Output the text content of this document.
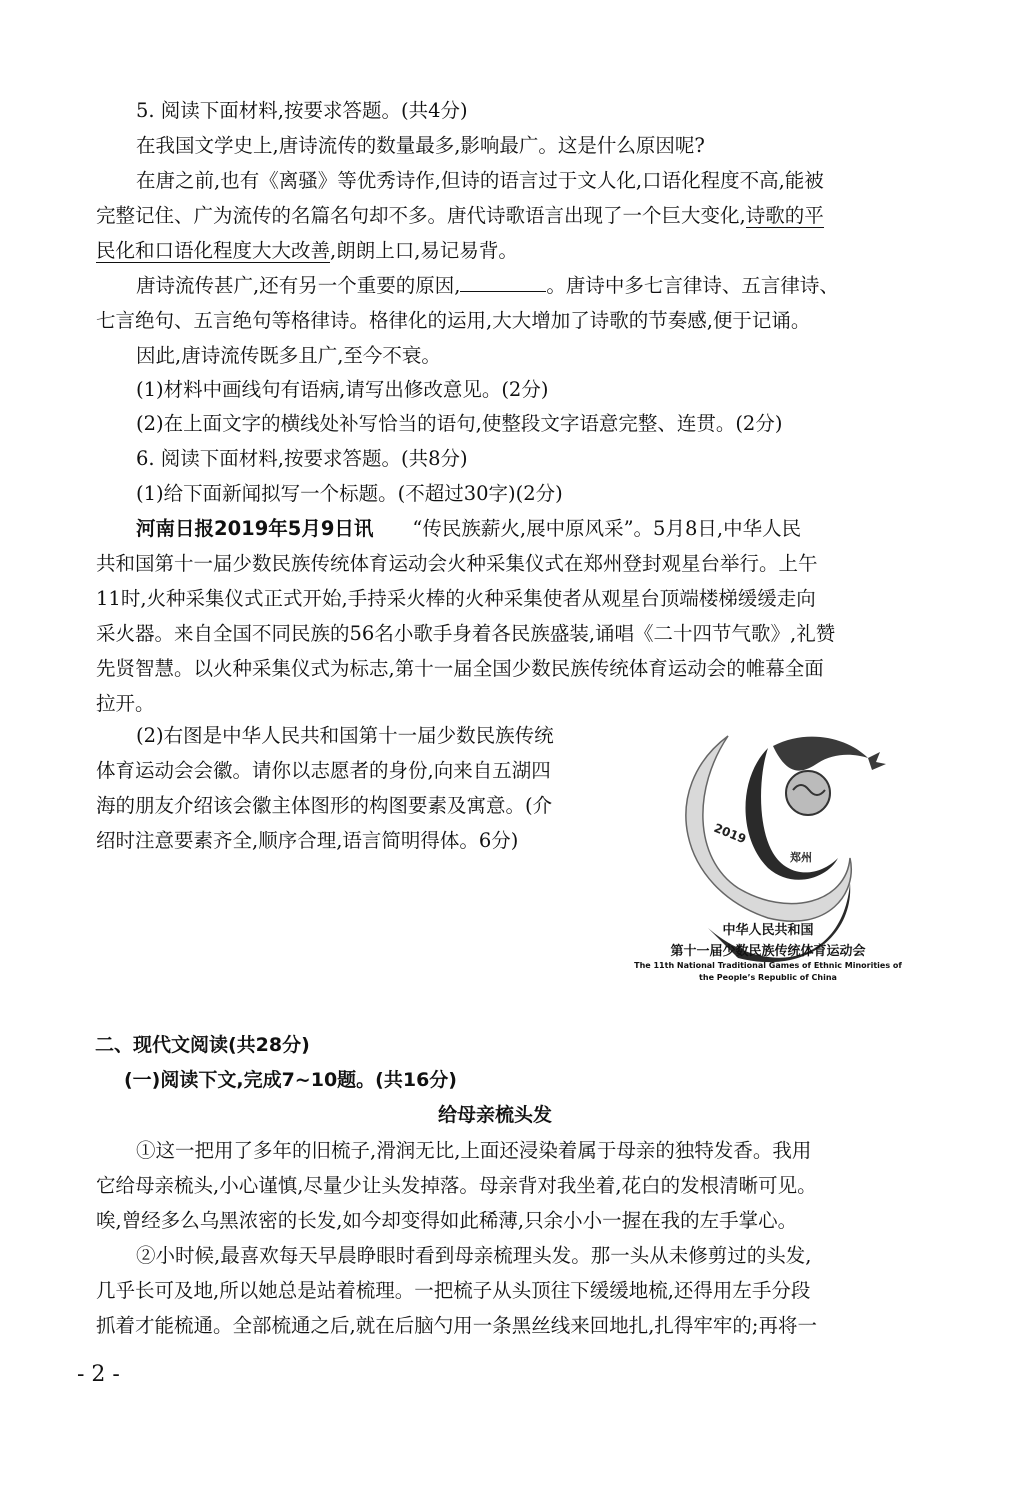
5. 阅读下面材料,按要求答题。(共4分)
在我国文学史上,唐诗流传的数量最多,影响最广。这是什么原因呢?
在唐之前,也有《离骚》等优秀诗作,但诗的语言过于文人化,口语化程度不高,能被
完整记住、广为流传的名篇名句却不多。唐代诗歌语言出现了一个巨大变化,诗歌的平
民化和口语化程度大大改善,朗朗上口,易记易背。
唐诗流传甚广,还有另一个重要的原因,	。唐诗中多七言律诗、五言律诗、
七言绝句、五言绝句等格律诗。格律化的运用,大大增加了诗歌的节奏感,便于记诵。
因此,唐诗流传既多且广,至今不衰。
(1)材料中画线句有语病,请写出修改意见。(2分)
(2)在上面文字的横线处补写恰当的语句,使整段文字语意完整、连贯。(2分)
6. 阅读下面材料,按要求答题。(共8分)
(1)给下面新闻拟写一个标题。(不超过30字)(2分)
河南日报2019年5月9日讯　　“传民族薪火,展中原风采”。5月8日,中华人民
共和国第十一届少数民族传统体育运动会火种采集仪式在郑州登封观星台举行。上午
11时,火种采集仪式正式开始,手持采火棒的火种采集使者从观星台顶端楼梯缓缓走向
采火器。来自全国不同民族的56名小歌手身着各民族盛装,诵唱《二十四节气歌》,礼赞
先贤智慧。以火种采集仪式为标志,第十一届全国少数民族传统体育运动会的帷幕全面
拉开。
(2)右图是中华人民共和国第十一届少数民族传统
体育运动会会徽。请你以志愿者的身份,向来自五湖四
海的朋友介绍该会徽主体图形的构图要素及寓意。(介
绍时注意要素齐全,顺序合理,语言简明得体。6分)	2019
郑州
中华人民共和国
第十一届少数民族传统体育运动会
The 11th National Traditional Games of Ethnic Minorities of
the People’s Republic of China
二、现代文阅读(共28分)
(一)阅读下文,完成7~10题。(共16分)
给母亲梳头发
①这一把用了多年的旧梳子,滑润无比,上面还浸染着属于母亲的独特发香。我用
它给母亲梳头,小心谨慎,尽量少让头发掉落。母亲背对我坐着,花白的发根清晰可见。
唉,曾经多么乌黑浓密的长发,如今却变得如此稀薄,只余小小一握在我的左手掌心。
②小时候,最喜欢每天早晨睁眼时看到母亲梳理头发。那一头从未修剪过的头发,
几乎长可及地,所以她总是站着梳理。一把梳子从头顶往下缓缓地梳,还得用左手分段
抓着才能梳通。全部梳通之后,就在后脑勺用一条黑丝线来回地扎,扎得牢牢的;再将一
- 2 -
